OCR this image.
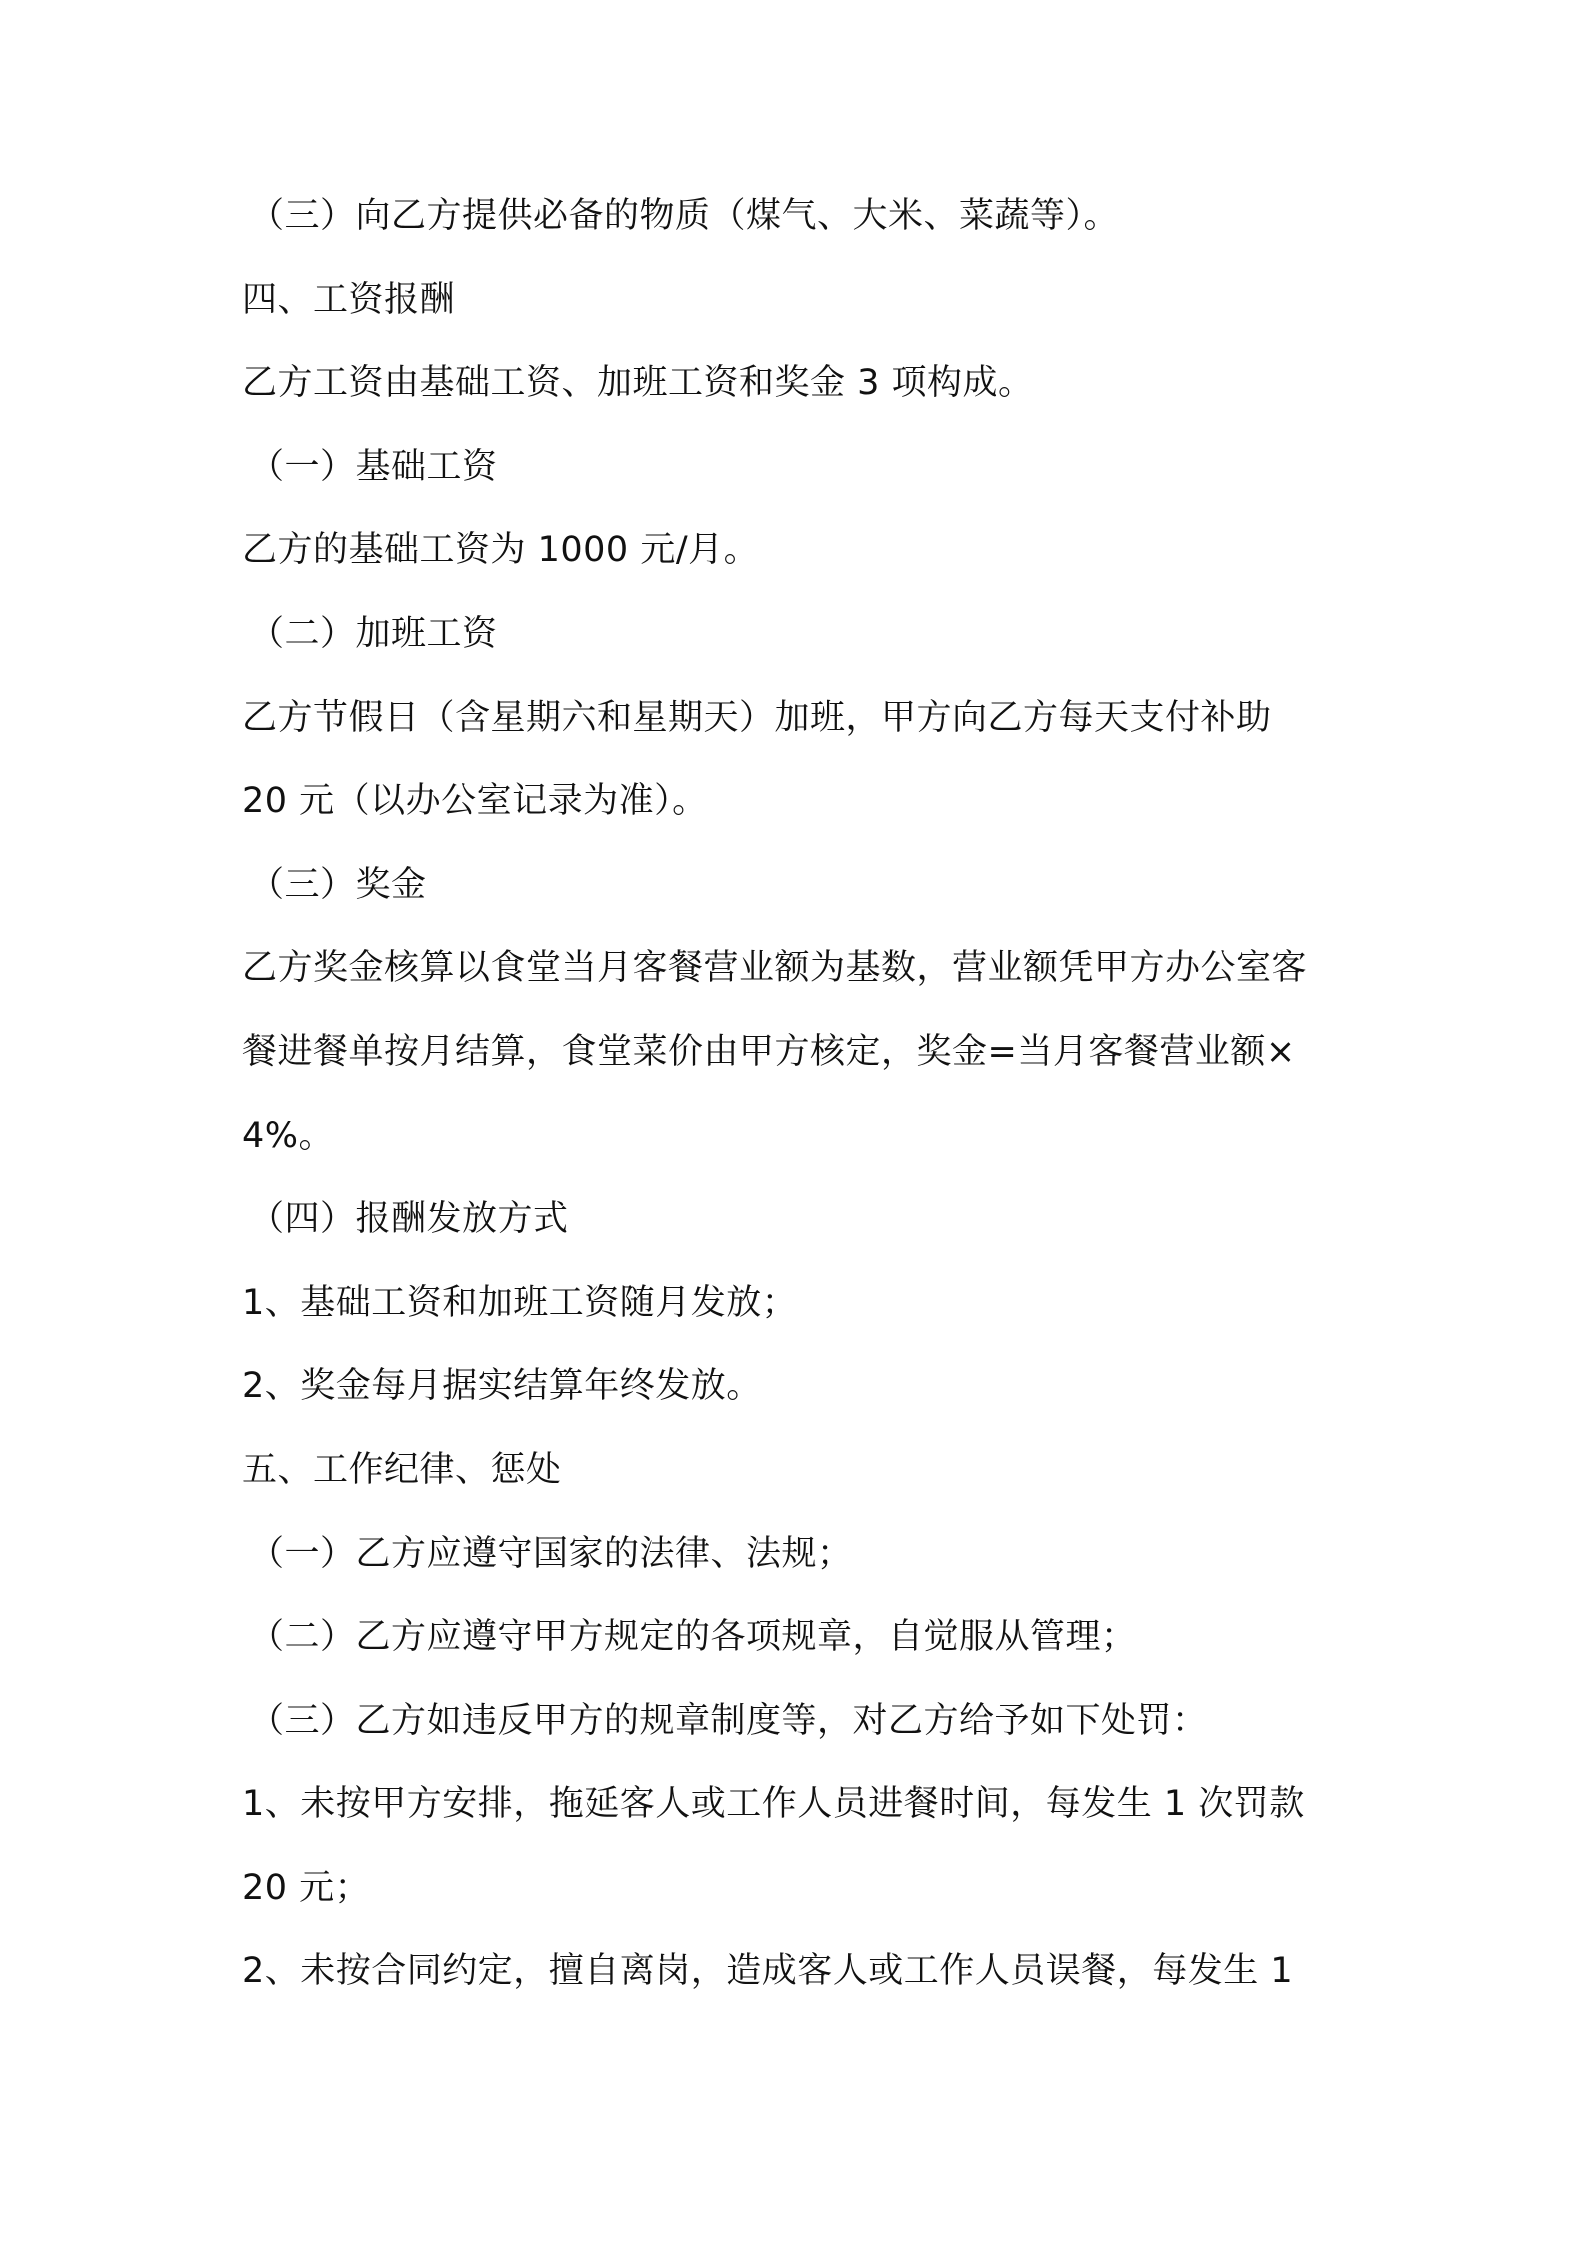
（三）向乙方提供必备的物质（煤气、大米、菜蔬等）。
四、工资报酬
乙方工资由基础工资、加班工资和奖金 3 项构成。
（一）基础工资
乙方的基础工资为 1000 元/月。
（二）加班工资
乙方节假日（含星期六和星期天）加班，甲方向乙方每天支付补助
20 元（以办公室记录为准）。
（三）奖金
乙方奖金核算以食堂当月客餐营业额为基数，营业额凭甲方办公室客
餐进餐单按月结算，食堂菜价由甲方核定，奖金=当月客餐营业额×
4%。
（四）报酬发放方式
1、基础工资和加班工资随月发放；
2、奖金每月据实结算年终发放。
五、工作纪律、惩处
（一）乙方应遵守国家的法律、法规；
（二）乙方应遵守甲方规定的各项规章，自觉服从管理；
（三）乙方如违反甲方的规章制度等，对乙方给予如下处罚：
1、未按甲方安排，拖延客人或工作人员进餐时间，每发生 1 次罚款
20 元；
2、未按合同约定，擅自离岗，造成客人或工作人员误餐，每发生 1
